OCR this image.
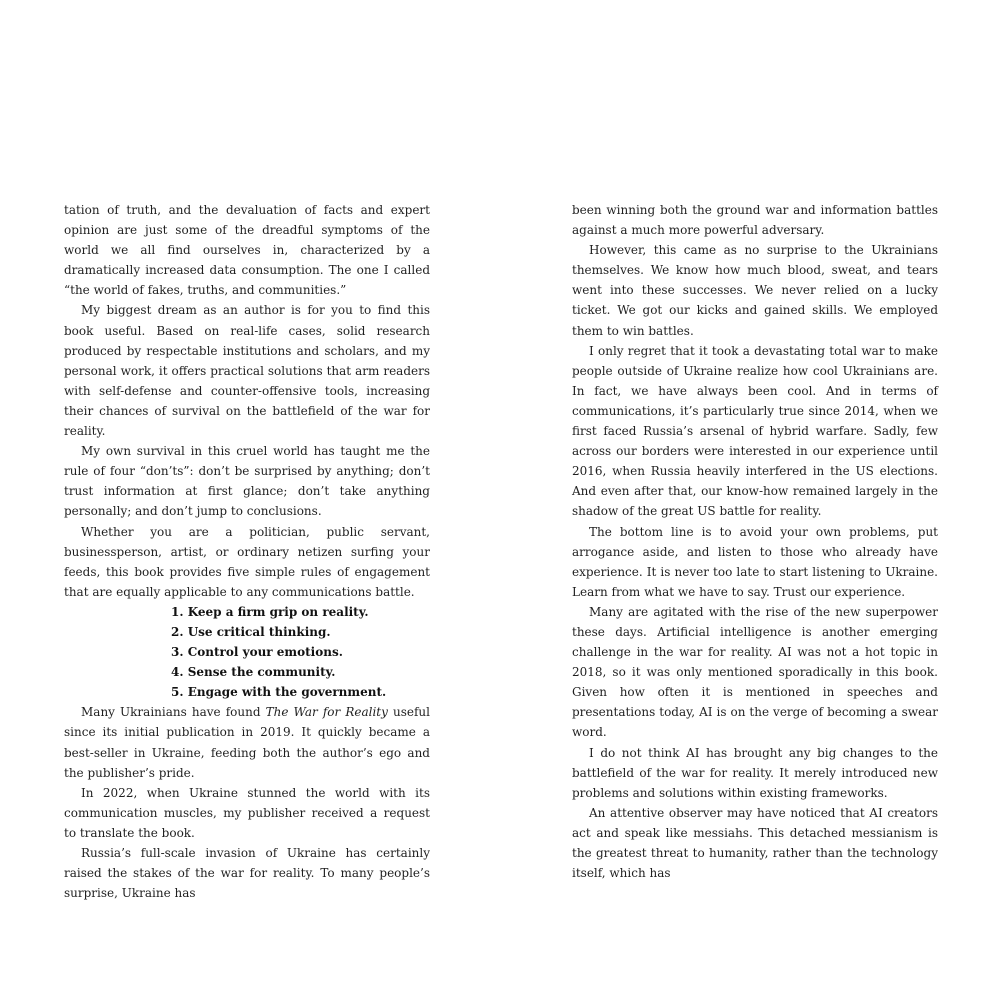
tation of truth, and the devaluation of facts and expert opinion are just some of the dreadful symptoms of the world we all find ourselves in, characterized by a dramatically increased data consumption. The one I called “the world of fakes, truths, and communities.”

My biggest dream as an author is for you to find this book useful. Based on real-life cases, solid research produced by respectable institutions and scholars, and my personal work, it offers practical solutions that arm readers with self-defense and counter-offensive tools, increasing their chances of survival on the battlefield of the war for reality.

My own survival in this cruel world has taught me the rule of four “don’ts”: don’t be surprised by anything; don’t trust information at first glance; don’t take anything personally; and don’t jump to conclusions.

Whether you are a politician, public servant, businessperson, artist, or ordinary netizen surfing your feeds, this book provides five simple rules of engagement that are equally applicable to any communications battle.

1. Keep a firm grip on reality.
2. Use critical thinking.
3. Control your emotions.
4. Sense the community.
5. Engage with the government.

Many Ukrainians have found The War for Reality useful since its initial publication in 2019. It quickly became a best-seller in Ukraine, feeding both the author’s ego and the publisher’s pride.

In 2022, when Ukraine stunned the world with its communication muscles, my publisher received a request to translate the book.

Russia’s full-scale invasion of Ukraine has certainly raised the stakes of the war for reality. To many people’s surprise, Ukraine has

been winning both the ground war and information battles against a much more powerful adversary.

However, this came as no surprise to the Ukrainians themselves. We know how much blood, sweat, and tears went into these successes. We never relied on a lucky ticket. We got our kicks and gained skills. We employed them to win battles.

I only regret that it took a devastating total war to make people outside of Ukraine realize how cool Ukrainians are. In fact, we have always been cool. And in terms of communications, it’s particularly true since 2014, when we first faced Russia’s arsenal of hybrid warfare. Sadly, few across our borders were interested in our experience until 2016, when Russia heavily interfered in the US elections. And even after that, our know-how remained largely in the shadow of the great US battle for reality.

The bottom line is to avoid your own problems, put arrogance aside, and listen to those who already have experience. It is never too late to start listening to Ukraine. Learn from what we have to say. Trust our experience.

Many are agitated with the rise of the new superpower these days. Artificial intelligence is another emerging challenge in the war for reality. AI was not a hot topic in 2018, so it was only mentioned sporadically in this book. Given how often it is mentioned in speeches and presentations today, AI is on the verge of becoming a swear word.

I do not think AI has brought any big changes to the battlefield of the war for reality. It merely introduced new problems and solutions within existing frameworks.

An attentive observer may have noticed that AI creators act and speak like messiahs. This detached messianism is the greatest threat to humanity, rather than the technology itself, which has
